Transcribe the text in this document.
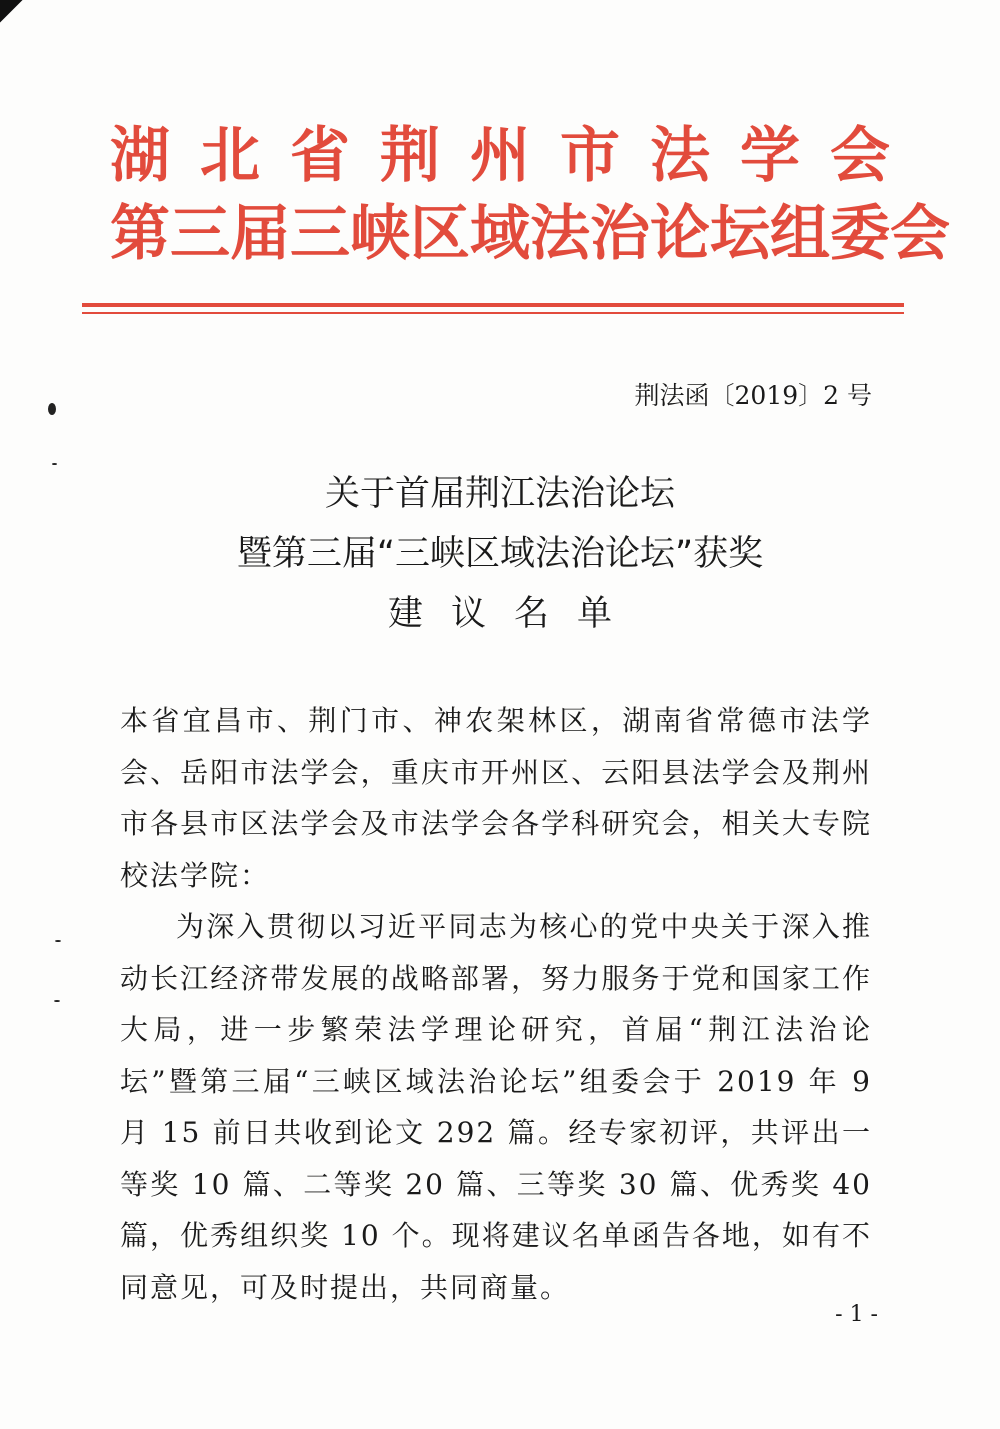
湖北省荆州市法学会
第三届三峡区域法治论坛组委会
荆法函〔2019〕2 号
关于首届荆江法治论坛
暨第三届“三峡区域法治论坛”获奖
建议名单

本省宜昌市、荆门市、神农架林区，湖南省常德市法学会、岳阳市法学会，重庆市开州区、云阳县法学会及荆州市各县市区法学会及市法学会各学科研究会，相关大专院校法学院：

为深入贯彻以习近平同志为核心的党中央关于深入推动长江经济带发展的战略部署，努力服务于党和国家工作大局，进一步繁荣法学理论研究，首届“荆江法治论坛”暨第三届“三峡区域法治论坛”组委会于 2019 年 9 月 15 前日共收到论文 292 篇。经专家初评，共评出一等奖 10 篇、二等奖 20 篇、三等奖 30 篇、优秀奖 40 篇，优秀组织奖 10 个。现将建议名单函告各地，如有不同意见，可及时提出，共同商量。

- 1 -
